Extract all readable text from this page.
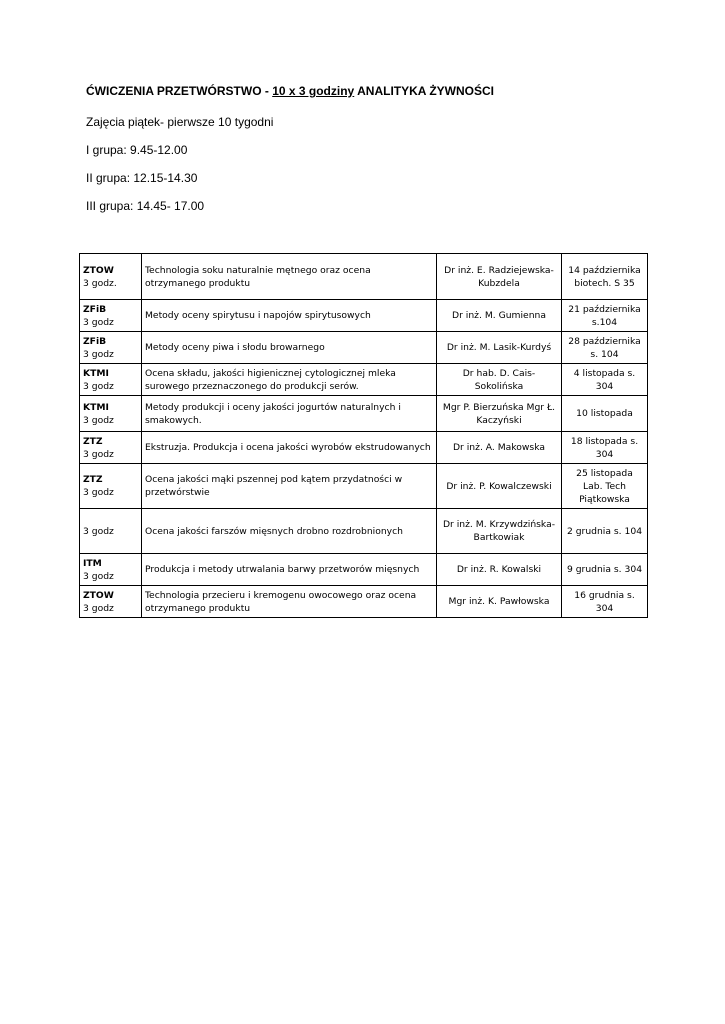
ĆWICZENIA PRZETWÓRSTWO - 10 x 3 godziny ANALITYKA ŻYWNOŚCI

Zajęcia piątek- pierwsze 10 tygodni

I grupa: 9.45-12.00

II grupa: 12.15-14.30

III grupa: 14.45- 17.00

ZTOW
3 godz.	Technologia soku naturalnie mętnego oraz ocena otrzymanego produktu	Dr inż. E. Radziejewska-Kubzdela	14 października biotech. S 35

ZFiB
3 godz	Metody oceny spirytusu i napojów spirytusowych	Dr inż. M. Gumienna	21 października s.104

ZFiB
3 godz	Metody oceny piwa i słodu browarnego	Dr inż. M. Lasik-Kurdyś	28 października s. 104

KTMI
3 godz	Ocena składu, jakości higienicznej cytologicznej mleka surowego przeznaczonego do produkcji serów.	Dr hab. D. Cais-Sokolińska	4 listopada s. 304

KTMI
3 godz	Metody produkcji i oceny jakości jogurtów naturalnych i smakowych.	Mgr P. Bierzuńska Mgr Ł. Kaczyński	10 listopada

ZTZ
3 godz	Ekstruzja. Produkcja i ocena jakości wyrobów ekstrudowanych	Dr inż. A. Makowska	18 listopada s. 304

ZTZ
3 godz	Ocena jakości mąki pszennej pod kątem przydatności w przetwórstwie	Dr inż. P. Kowalczewski	25 listopada Lab. Tech Piątkowska

3 godz	Ocena jakości farszów mięsnych drobno rozdrobnionych	Dr inż. M. Krzywdzińska-Bartkowiak	2 grudnia s. 104

ITM
3 godz	Produkcja i metody utrwalania barwy przetworów mięsnych	Dr inż. R. Kowalski	9 grudnia s. 304

ZTOW
3 godz	Technologia przecieru i kremogenu owocowego oraz ocena otrzymanego produktu	Mgr inż. K. Pawłowska	16 grudnia s. 304
